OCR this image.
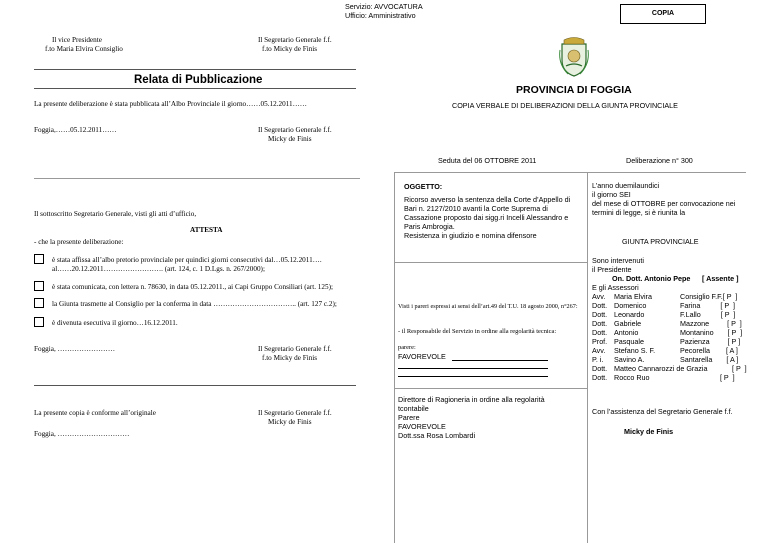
Servizio: AVVOCATURA
Ufficio: Amministrativo	COPIA
Il vice Presidente
f.to Maria Elvira Consiglio
Il Segretario Generale f.f.
f.to Micky de Finis
Relata di Pubblicazione
La presente deliberazione è stata pubblicata all’Albo Provinciale il giorno……05.12.2011……
Foggia,……05.12.2011……	Il Segretario Generale f.f.
Micky de Finis
PROVINCIA DI FOGGIA
COPIA VERBALE DI DELIBERAZIONI DELLA GIUNTA PROVINCIALE
Seduta del 06 OTTOBRE 2011	Deliberazione n° 300
Il sottoscritto Segretario Generale, visti gli atti d’ufficio,
ATTESTA
- che la presente deliberazione:
è stata affissa all’albo pretorio provinciale per quindici giorni consecutivi dal…05.12.2011….
al……20.12.2011……………………. (art. 124, c. 1 D.Lgs. n. 267/2000);
è stata comunicata, con lettera n. 78630, in data 05.12.2011., ai Capi Gruppo Consiliari (art. 125);
la Giunta trasmette al Consiglio per la conferma in data …………………………….. (art. 127 c.2);
è divenuta esecutiva il giorno…16.12.2011.
Foggia, ……………………	Il Segretario Generale f.f.
f.to Micky de Finis
La presente copia è conforme all’originale	Il Segretario Generale f.f.
Micky de Finis
Foggia, …………………………
OGGETTO:
Ricorso avverso la sentenza della Corte d’Appello di Bari n. 2127/2010 avanti la Corte Suprema di Cassazione proposto dai sigg.ri Incelli Alessandro e Paris Ambrogia.
Resistenza in giudizio e nomina difensore
Visti i pareri espressi ai sensi dell’art.49 del T.U. 18 agosto 2000, n°267:
- il Responsabile del Servizio in ordine alla regolarità tecnica:
parere:
FAVOREVOLE
Direttore di Ragioneria in ordine alla regolarità
tcontabile
Parere
FAVOREVOLE
Dott.ssa Rosa Lombardi
L’anno duemilaundici
il giorno SEI
del mese di OTTOBRE per convocazione nei termini di legge, si è riunita la
GIUNTA PROVINCIALE
Sono intervenuti
il Presidente
On. Dott. Antonio Pepe [ Assente ]
E gli Assessori
Avv. Maria Elvira	Consiglio F.F.[ P  ]
Dott. Domenico	Farina          [ P  ]
Dott. Leonardo	F.Lallo          [ P  ]
Dott. Gabriele	Mazzone         [ P  ]
Dott. Antonio	Montanino       [ P  ]
Prof. Pasquale	Pazienza         [ P ]
Avv. Stefano S. F.	Pecorella        [ A ]
P. i. Savino A.	Santarella       [ A ]
Dott. Matteo Cannarozzi de Grazia	[ P  ]
Dott. Rocco Ruo	[ P  ]
Con l’assistenza del Segretario Generale f.f.
Micky de Finis
